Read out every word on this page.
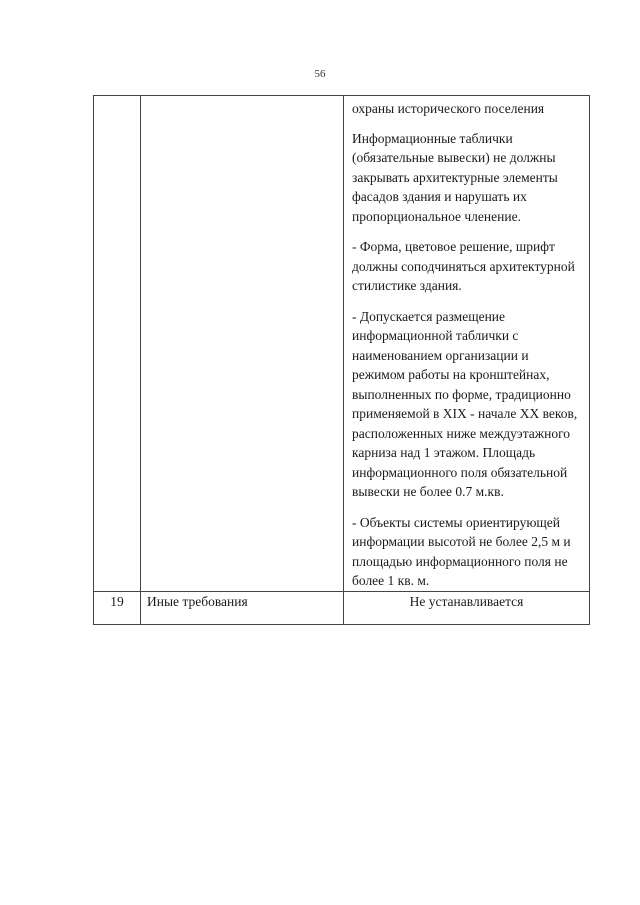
56

		охраны исторического поселения

Информационные таблички (обязательные вывески) не должны закрывать архитектурные элементы фасадов здания и нарушать их пропорциональное членение.

- Форма, цветовое решение, шрифт должны соподчиняться архитектурной стилистике здания.

- Допускается размещение информационной таблички с наименованием организации и режимом работы на кронштейнах, выполненных по форме, традиционно применяемой в XIX - начале XX веков, расположенных ниже междуэтажного карниза над 1 этажом. Площадь информационного поля обязательной вывески не более 0.7 м.кв.

- Объекты системы ориентирующей информации высотой не более 2,5 м и площадью информационного поля не более 1 кв. м.

19	Иные требования	Не устанавливается
